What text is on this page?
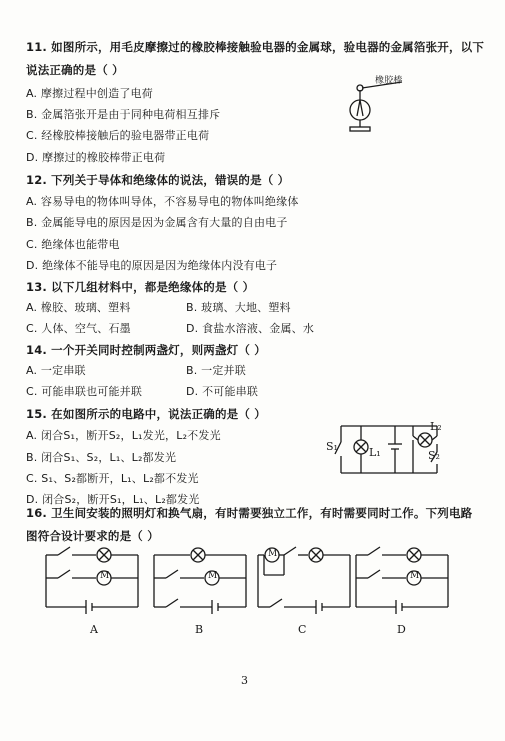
11. 如图所示，用毛皮摩擦过的橡胶棒接触验电器的金属球，验电器的金属箔张开，以下
说法正确的是（ ）
A. 摩擦过程中创造了电荷
B. 金属箔张开是由于同种电荷相互排斥
C. 经橡胶棒接触后的验电器带正电荷
D. 摩擦过的橡胶棒带正电荷
橡胶棒
12. 下列关于导体和绝缘体的说法，错误的是（ ）
A. 容易导电的物体叫导体，不容易导电的物体叫绝缘体
B. 金属能导电的原因是因为金属含有大量的自由电子
C. 绝缘体也能带电
D. 绝缘体不能导电的原因是因为绝缘体内没有电子
13. 以下几组材料中，都是绝缘体的是（ ）
A. 橡胶、玻璃、塑料	B. 玻璃、大地、塑料
C. 人体、空气、石墨	D. 食盐水溶液、金属、水
14. 一个开关同时控制两盏灯，则两盏灯（ ）
A. 一定串联	B. 一定并联
C. 可能串联也可能并联	D. 不可能串联
15. 在如图所示的电路中，说法正确的是（ ）
A. 闭合S₁，断开S₂，L₁发光，L₂不发光
B. 闭合S₁、S₂，L₁、L₂都发光
C. S₁、S₂都断开，L₁、L₂都不发光
D. 闭合S₂，断开S₁，L₁、L₂都发光
S₁	L₁
L₂
S₂
16. 卫生间安装的照明灯和换气扇，有时需要独立工作，有时需要同时工作。下列电路
图符合设计要求的是（ ）
M	M
M
M
A	B	C	D
3
